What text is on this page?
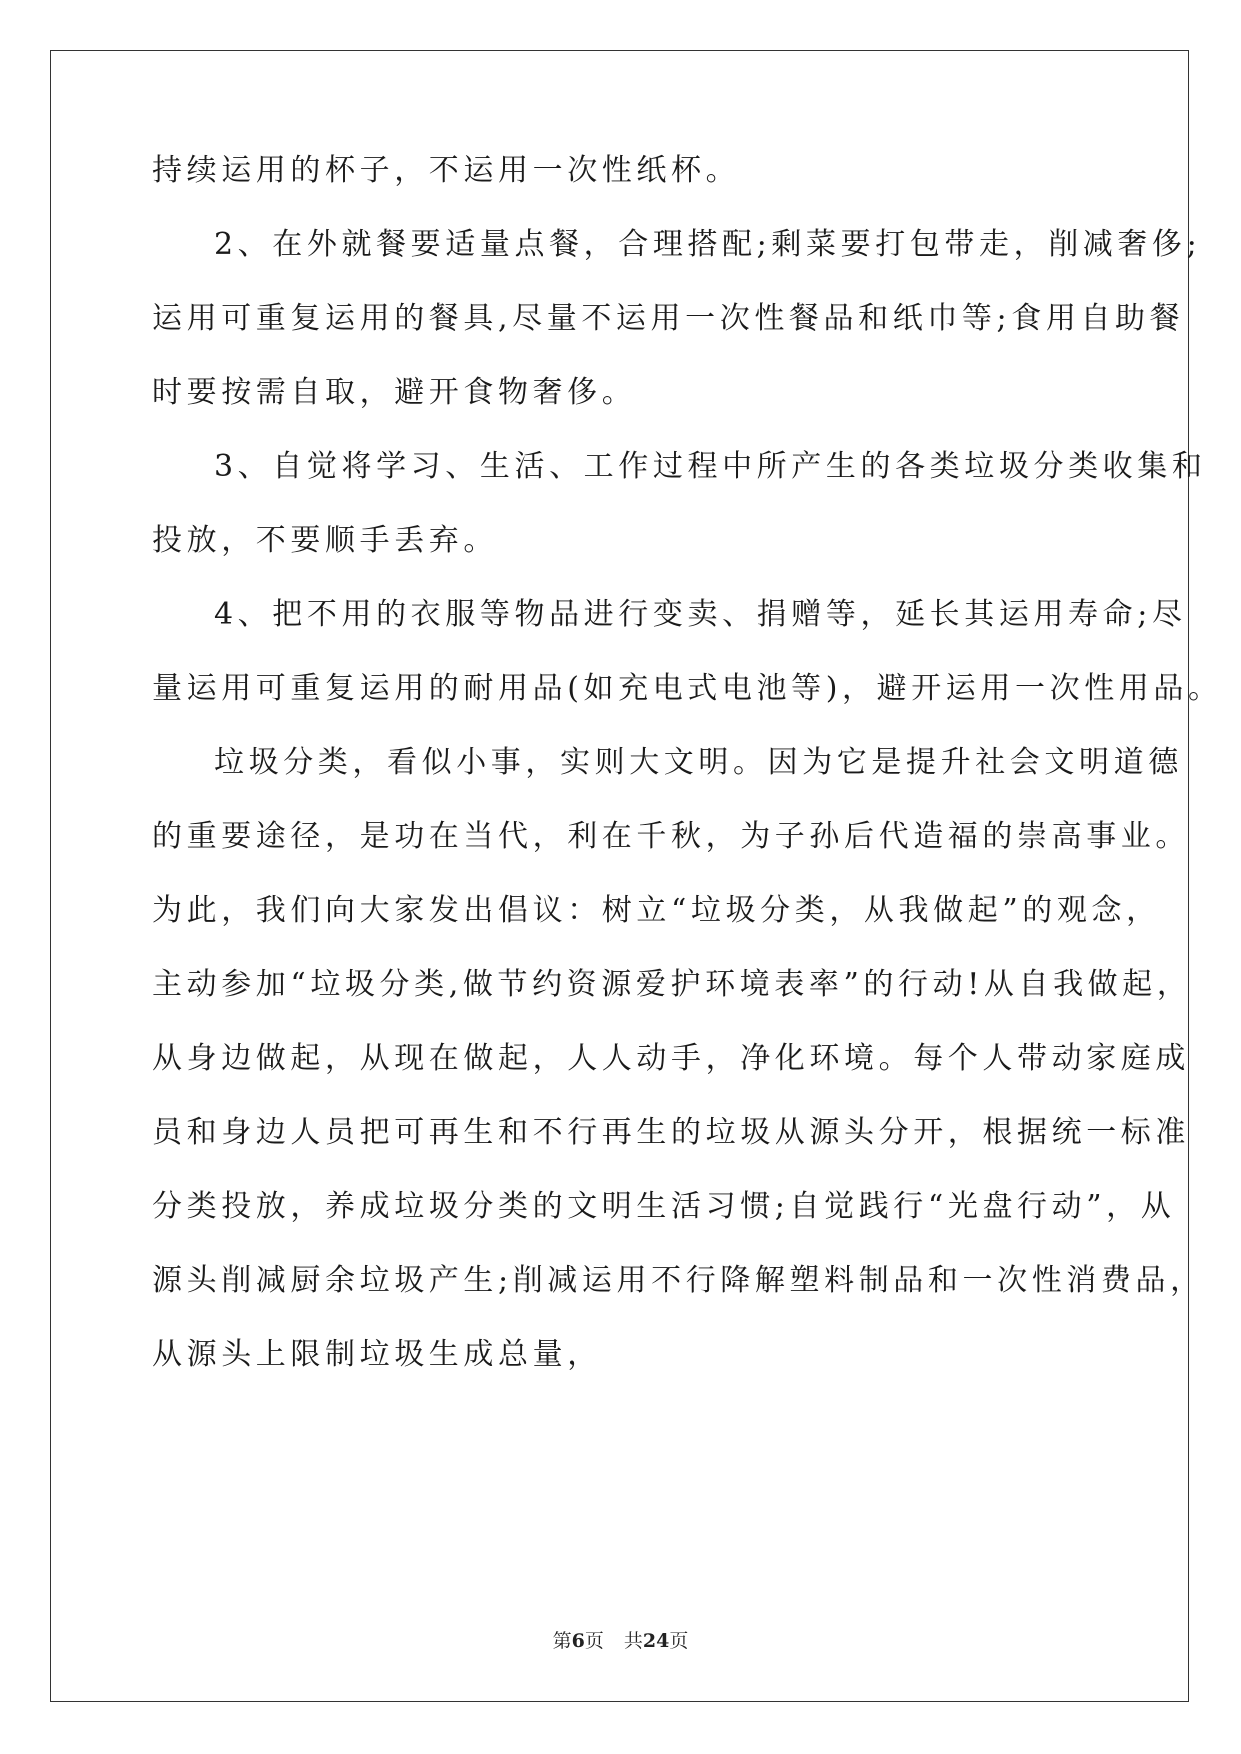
持续运用的杯子，不运用一次性纸杯。
2、在外就餐要适量点餐，合理搭配;剩菜要打包带走，削减奢侈;
运用可重复运用的餐具,尽量不运用一次性餐品和纸巾等;食用自助餐
时要按需自取，避开食物奢侈。
3、自觉将学习、生活、工作过程中所产生的各类垃圾分类收集和
投放，不要顺手丢弃。
4、把不用的衣服等物品进行变卖、捐赠等，延长其运用寿命;尽
量运用可重复运用的耐用品(如充电式电池等)，避开运用一次性用品。
垃圾分类，看似小事，实则大文明。因为它是提升社会文明道德
的重要途径，是功在当代，利在千秋，为子孙后代造福的崇高事业。
为此，我们向大家发出倡议：树立“垃圾分类，从我做起”的观念，
主动参加“垃圾分类,做节约资源爱护环境表率”的行动!从自我做起，
从身边做起，从现在做起，人人动手，净化环境。每个人带动家庭成
员和身边人员把可再生和不行再生的垃圾从源头分开，根据统一标准
分类投放，养成垃圾分类的文明生活习惯;自觉践行“光盘行动”，从
源头削减厨余垃圾产生;削减运用不行降解塑料制品和一次性消费品，
从源头上限制垃圾生成总量，
第6页 共24页
